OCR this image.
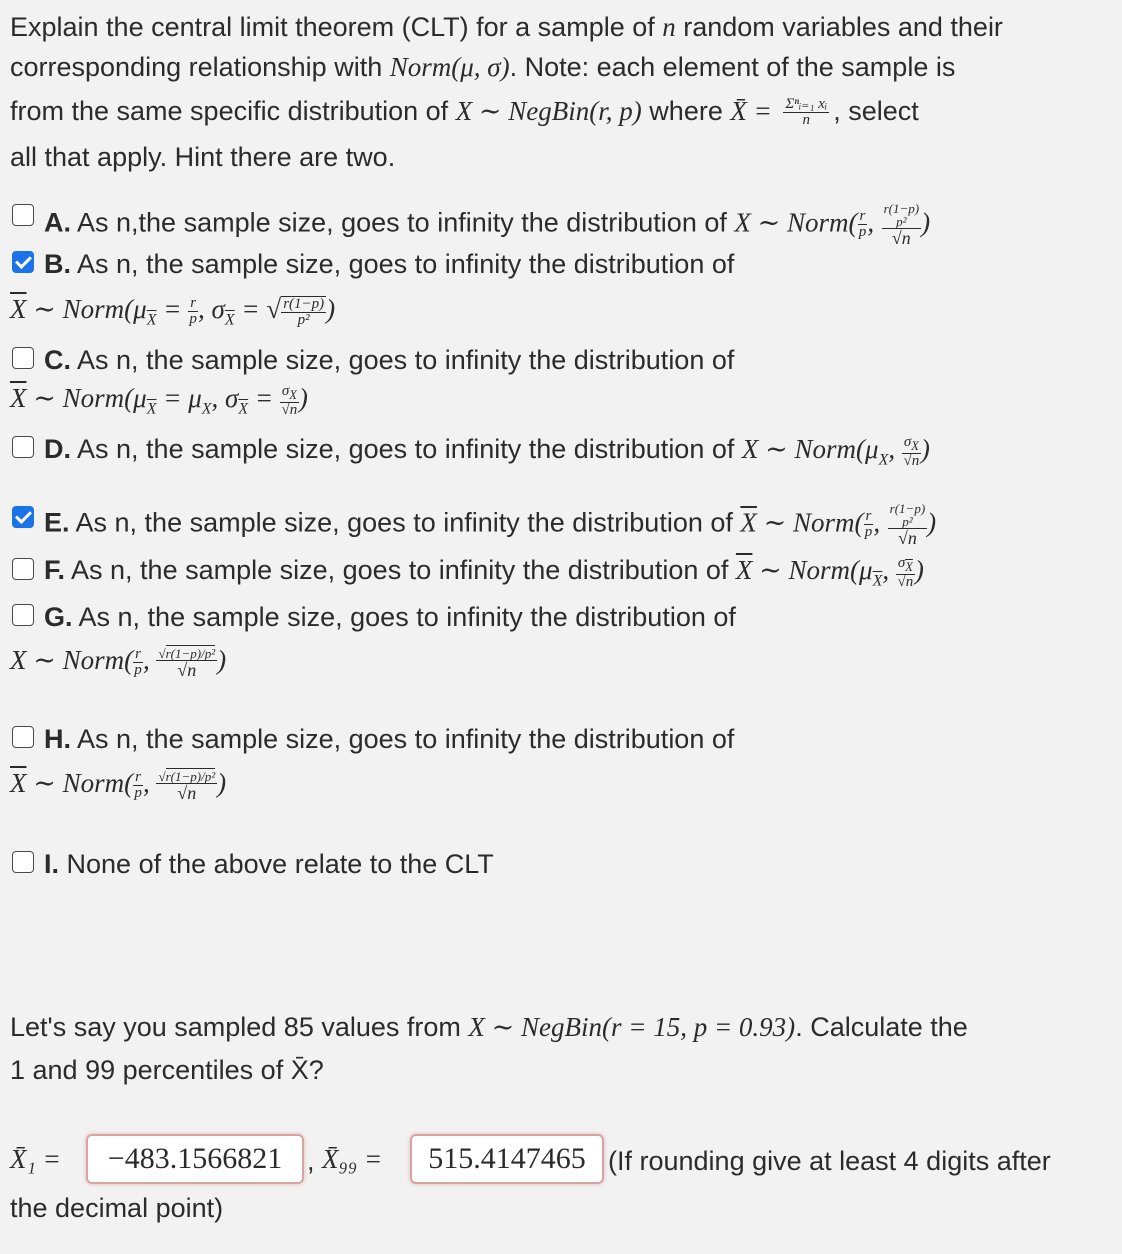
Explain the central limit theorem (CLT) for a sample of n random variables and their
corresponding relationship with Norm(μ, σ). Note: each element of the sample is
from the same specific distribution of X ∼ NegBin(r, p) where X̄ = $\frac{\text{Σⁿᵢ₌₁ xᵢ}}{n}$ , select
all that apply. Hint there are two.
A. As n,the sample size, goes to infinity the distribution of X ∼ Norm( $\frac{r}{p}$ , r(1−p)
p²
√n
)
B. As n, the sample size, goes to infinity the distribution of
$\overline{X}$ ∼ $Norm(\mu_{\overline{X}} = \frac{r}{p}$ , $\sigma_{\overline{X}}$ = √ $\frac{r(1-p)}{\text{p²}}$ )
C. As n, the sample size, goes to infinity the distribution of
$\overline{X}$ ∼ $Norm(\mu_{\overline{X}} = \mu_X$, $\sigma_{\overline{X}} = \frac{\sigma_X}{√n}$ )
D. As n, the sample size, goes to infinity the distribution of X ∼ $Norm(\mu_X$, $\frac{\sigma_X}{√n}$ )
E. As n, the sample size, goes to infinity the distribution of $\overline{X}$ ∼ Norm( $\frac{r}{p}$ , r(1−p)
p²
√n
)
F. As n, the sample size, goes to infinity the distribution of $\overline{X}$ ∼ $Norm(\mu_{\overline{X}}$, $\frac{\sigma_{\overline{X}}}{√n}$ )
G. As n, the sample size, goes to infinity the distribution of
X ∼ Norm( $\frac{r}{p}$ , $\frac{\text{√r(1−p)/p²}}{√n}$ )
H. As n, the sample size, goes to infinity the distribution of
$\overline{X}$ ∼ Norm( $\frac{r}{p}$ , $\frac{\text{√r(1−p)/p²}}{√n}$ )
I. None of the above relate to the CLT
Let's say you sampled 85 values from X ∼ NegBin(r = 15, p = 0.93). Calculate the
1 and 99 percentiles of X̄?
X̄₁ =	−483.1566821 , X̄₉₉ =	515.4147465 (If rounding give at least 4 digits after
the decimal point)
